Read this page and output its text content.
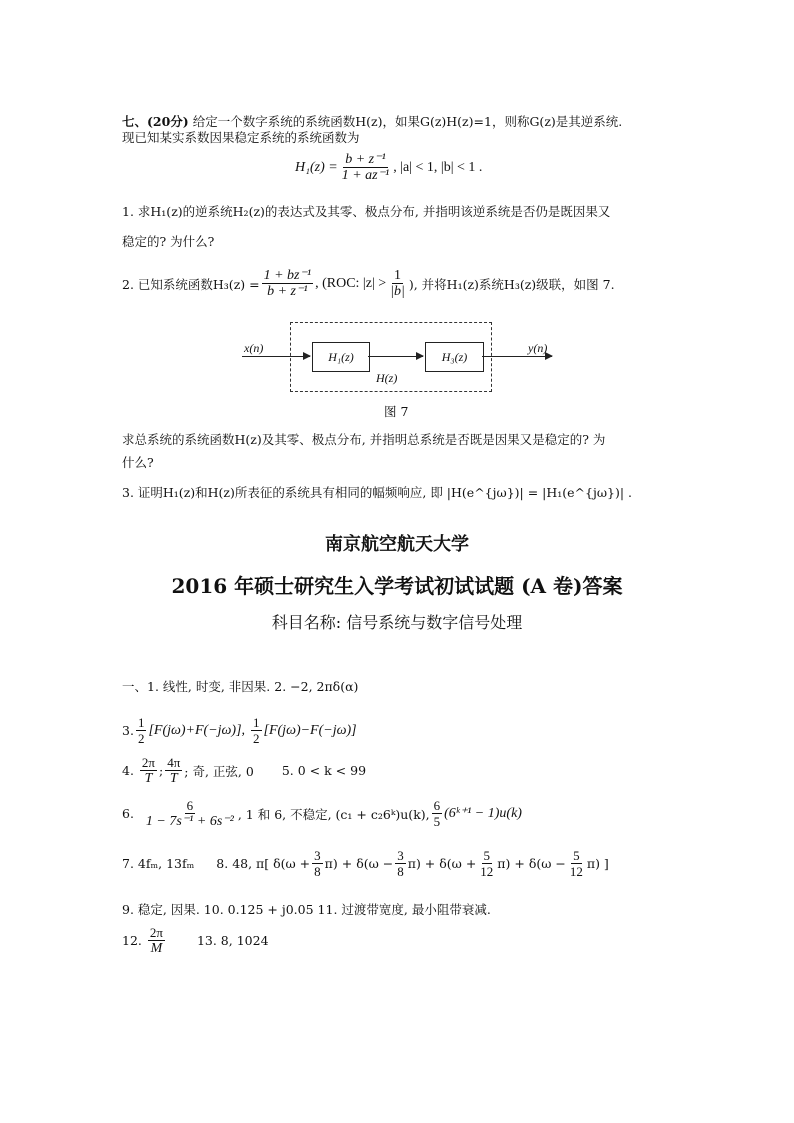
七、(20分)
给定一个数字系统的系统函数H(z)，如果G(z)H(z)=1，则称G(z)是其逆系统.
现已知某实系数因果稳定系统的系统函数为
$H_1(z) = \frac{\text{b + z⁻¹}}{\text{1 + az⁻¹}}$ , |a| < 1, |b| < 1 .
1. 求H₁(z)的逆系统H₂(z)的表达式及其零、极点分布, 并指明该逆系统是否仍是既因果又
稳定的? 为什么?
2. 已知系统函数$H_3(z) = \frac{\text{1 + bz⁻¹}}{\text{b + z⁻¹}}$ , (ROC: $|z| > \frac{1}{|b|}$ ), 并将H₁(z)系统H₃(z)级联，如图 7.
x(n)
H₁(z)	H₃(z)
y(n)
H(z)
图 7
求总系统的系统函数H(z)及其零、极点分布, 并指明总系统是否既是因果又是稳定的? 为
什么?
3. 证明H₁(z)和H(z)所表征的系统具有相同的幅频响应, 即 |H(e^{jω})| = |H₁(e^{jω})| .
南京航空航天大学
2016 年硕士研究生入学考试初试试题 (A 卷)答案
科目名称: 信号系统与数字信号处理
一、1. 线性, 时变, 非因果. 2. −2, 2πδ(α)
3. $\frac{1}{2} [F(j\omega)+F(-j\omega)]$,
$\frac{1}{2} [F(j\omega)-F(-j\omega)]$
4.
$\frac{2\pi}{T}$ ; $\frac{4\pi}{T}$ ; 奇, 正弦, 0 5. 0 < k < 99
6.
$\frac{6}{\text{1 − 7s⁻¹ + 6s⁻²}}$ , 1 和 6, 不稳定, (c₁ + c₂6ᵏ)u(k), $\frac{6}{5}$ (6ᵏ⁺¹ − 1)u(k)
7. 4fₘ, 13fₘ 8. 48, π[ $\delta(\omega + \frac{3}{8}$ π ) + $\delta(\omega - \frac{3}{8}$ π ) + $\delta(\omega + \frac{5}{12}$ π ) + $\delta(\omega - \frac{5}{12}$ π ) ]
9. 稳定, 因果. 10. 0.125 + j0.05 11. 过渡带宽度, 最小阻带衰减.
12.
$\frac{2\pi}{M}$	13. 8, 1024
